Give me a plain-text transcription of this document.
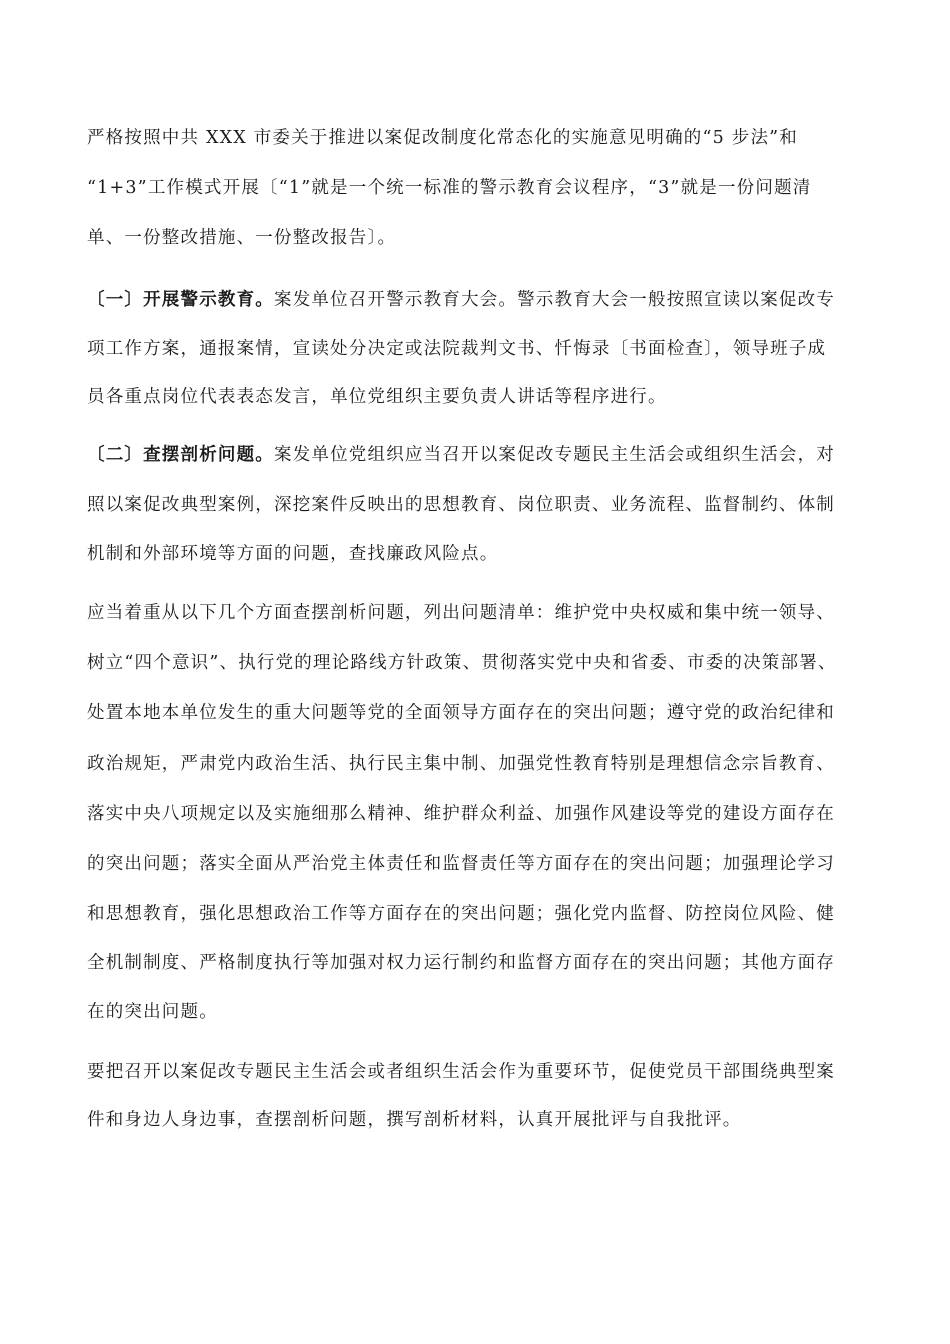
严格按照中共 XXX 市委关于推进以案促改制度化常态化的实施意见明确的“5 步法”和
“1+3”工作模式开展〔“1”就是一个统一标准的警示教育会议程序，“3”就是一份问题清
单、一份整改措施、一份整改报告〕。
〔一〕开展警示教育。案发单位召开警示教育大会。警示教育大会一般按照宣读以案促改专
项工作方案，通报案情，宣读处分决定或法院裁判文书、忏悔录〔书面检查〕，领导班子成
员各重点岗位代表表态发言，单位党组织主要负责人讲话等程序进行。
〔二〕查摆剖析问题。案发单位党组织应当召开以案促改专题民主生活会或组织生活会，对
照以案促改典型案例，深挖案件反映出的思想教育、岗位职责、业务流程、监督制约、体制
机制和外部环境等方面的问题，查找廉政风险点。
应当着重从以下几个方面查摆剖析问题，列出问题清单：维护党中央权威和集中统一领导、
树立“四个意识”、执行党的理论路线方针政策、贯彻落实党中央和省委、市委的决策部署、
处置本地本单位发生的重大问题等党的全面领导方面存在的突出问题；遵守党的政治纪律和
政治规矩，严肃党内政治生活、执行民主集中制、加强党性教育特别是理想信念宗旨教育、
落实中央八项规定以及实施细那么精神、维护群众利益、加强作风建设等党的建设方面存在
的突出问题；落实全面从严治党主体责任和监督责任等方面存在的突出问题；加强理论学习
和思想教育，强化思想政治工作等方面存在的突出问题；强化党内监督、防控岗位风险、健
全机制制度、严格制度执行等加强对权力运行制约和监督方面存在的突出问题；其他方面存
在的突出问题。
要把召开以案促改专题民主生活会或者组织生活会作为重要环节，促使党员干部围绕典型案
件和身边人身边事，查摆剖析问题，撰写剖析材料，认真开展批评与自我批评。
